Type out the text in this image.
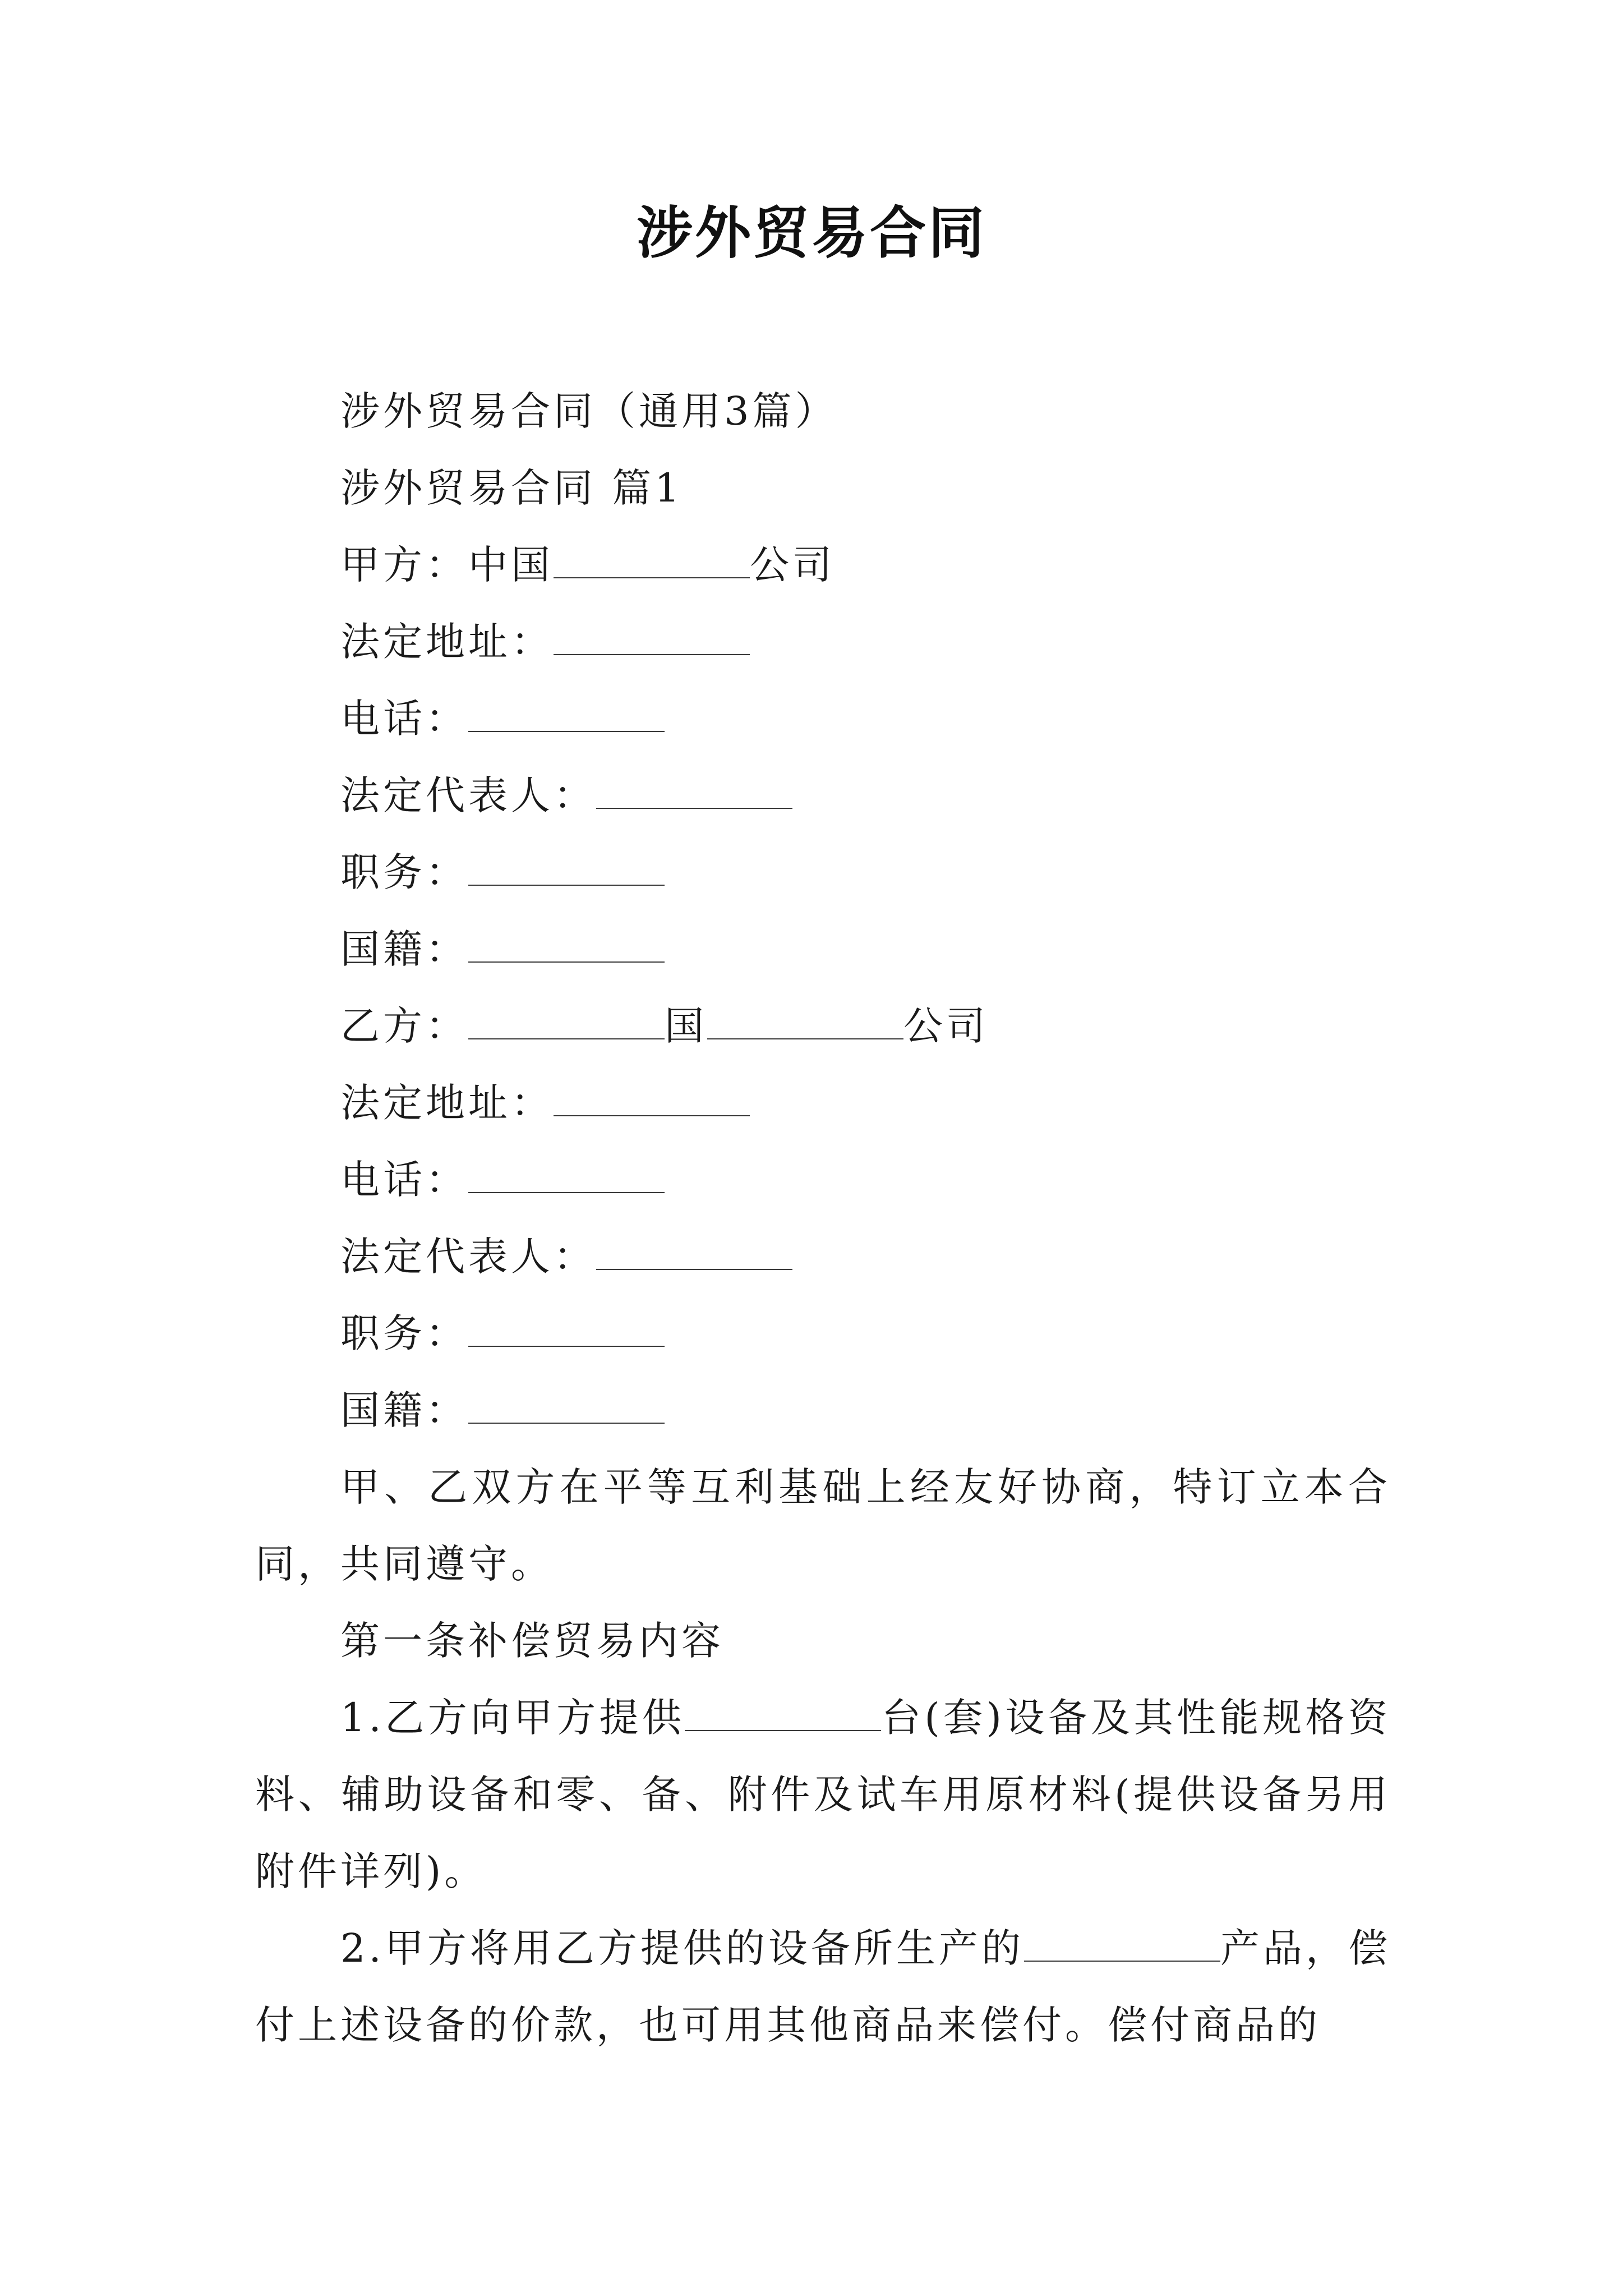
涉外贸易合同
涉外贸易合同（通用3篇）
涉外贸易合同 篇1
甲方：中国	公司
法定地址：
电话：
法定代表人：
职务：
国籍：
乙方：	国	公司
法定地址：
电话：
法定代表人：
职务：
国籍：
甲、乙双方在平等互利基础上经友好协商，特订立本合同，共同遵守。
第一条补偿贸易内容
1.乙方向甲方提供	台(套)设备及其性能规格资料、辅助设备和零、备、附件及试车用原材料(提供设备另用附件详列)。
2.甲方将用乙方提供的设备所生产的	产品，偿付上述设备的价款，也可用其他商品来偿付。偿付商品的
